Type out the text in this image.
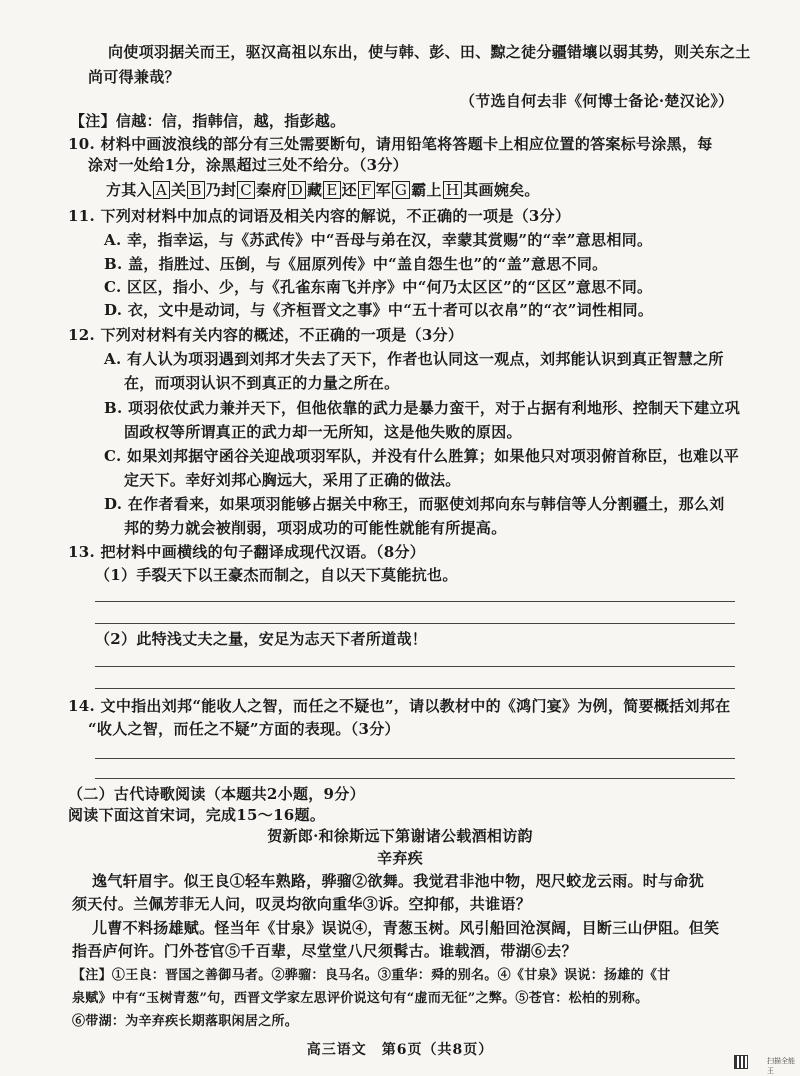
向使项羽据关而王，驱汉高祖以东出，使与韩、彭、田、黥之徒分疆错壤以弱其势，则关东之土
尚可得兼哉？
（节选自何去非《何博士备论·楚汉论》）
【注】信越：信，指韩信，越，指彭越。
10. 材料中画波浪线的部分有三处需要断句，请用铅笔将答题卡上相应位置的答案标号涂黑，每
涂对一处给1分，涂黑超过三处不给分。（3分）
方其入 A 关 B 乃封 C 秦府 D 藏 E 还 F 军 G 霸上 H 其画婉矣。
11. 下列对材料中加点的词语及相关内容的解说，不正确的一项是（3分）
A. 幸，指幸运，与《苏武传》中“吾母与弟在汉，幸蒙其赏赐”的“幸”意思相同。
B. 盖，指胜过、压倒，与《屈原列传》中“盖自怨生也”的“盖”意思不同。
C. 区区，指小、少，与《孔雀东南飞并序》中“何乃太区区”的“区区”意思不同。
D. 衣，文中是动词，与《齐桓晋文之事》中“五十者可以衣帛”的“衣”词性相同。
12. 下列对材料有关内容的概述，不正确的一项是（3分）
A. 有人认为项羽遇到刘邦才失去了天下，作者也认同这一观点，刘邦能认识到真正智慧之所
在，而项羽认识不到真正的力量之所在。
B. 项羽依仗武力兼并天下，但他依靠的武力是暴力蛮干，对于占据有利地形、控制天下建立巩
固政权等所谓真正的武力却一无所知，这是他失败的原因。
C. 如果刘邦据守函谷关迎战项羽军队，并没有什么胜算；如果他只对项羽俯首称臣，也难以平
定天下。幸好刘邦心胸远大，采用了正确的做法。
D. 在作者看来，如果项羽能够占据关中称王，而驱使刘邦向东与韩信等人分割疆土，那么刘
邦的势力就会被削弱，项羽成功的可能性就能有所提高。
13. 把材料中画横线的句子翻译成现代汉语。（8分）
（1）手裂天下以王豪杰而制之，自以天下莫能抗也。
（2）此特浅丈夫之量，安足为志天下者所道哉！
14. 文中指出刘邦“能收人之智，而任之不疑也”，请以教材中的《鸿门宴》为例，简要概括刘邦在
“收人之智，而任之不疑”方面的表现。（3分）
（二）古代诗歌阅读（本题共2小题，9分）
阅读下面这首宋词，完成15～16题。
贺新郎·和徐斯远下第谢诸公载酒相访韵
辛弃疾
逸气轩眉宇。似王良①轻车熟路，骅骝②欲舞。我觉君非池中物，咫尺蛟龙云雨。时与命犹
须天付。兰佩芳菲无人问，叹灵均欲向重华③诉。空抑郁，共谁语？
儿曹不料扬雄赋。怪当年《甘泉》误说④，青葱玉树。风引船回沧溟阔，目断三山伊阻。但笑
指吾庐何许。门外苍官⑤千百辈，尽堂堂八尺须髯古。谁载酒，带湖⑥去？
【注】①王良：晋国之善御马者。②骅骝：良马名。③重华：舜的别名。④《甘泉》误说：扬雄的《甘
泉赋》中有“玉树青葱”句，西晋文学家左思评价说这句有“虚而无征”之弊。⑤苍官：松柏的别称。
⑥带湖：为辛弃疾长期落职闲居之所。
高三语文　第6页（共8页）
扫描全能王
